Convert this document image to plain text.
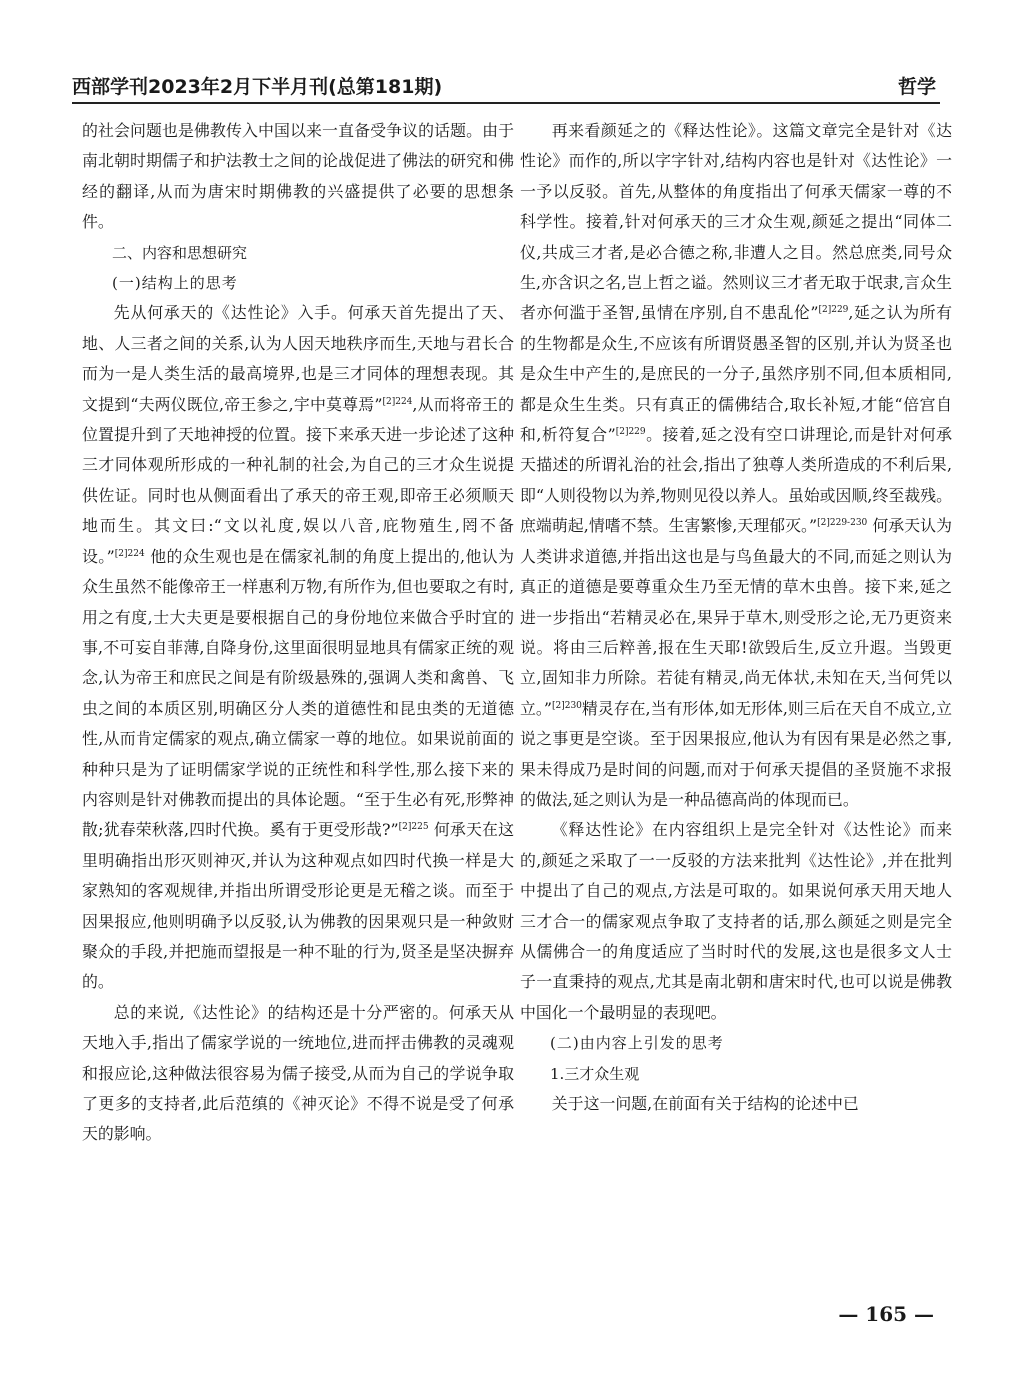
西部学刊2023年2月下半月刊(总第181期)	哲学

的社会问题也是佛教传入中国以来一直备受争议的话题。由于南北朝时期儒子和护法教士之间的论战促进了佛法的研究和佛经的翻译,从而为唐宋时期佛教的兴盛提供了必要的思想条件。

二、内容和思想研究

(一)结构上的思考

先从何承天的《达性论》入手。何承天首先提出了天、地、人三者之间的关系,认为人因天地秩序而生,天地与君长合而为一是人类生活的最高境界,也是三才同体的理想表现。其文提到“夫两仪既位,帝王参之,宇中莫尊焉”$^{[2]224}$,从而将帝王的位置提升到了天地神授的位置。接下来承天进一步论述了这种三才同体观所形成的一种礼制的社会,为自己的三才众生说提供佐证。同时也从侧面看出了承天的帝王观,即帝王必须顺天地而生。其文曰:“文以礼度,娱以八音,庇物殖生,罔不备设。”$^{[2]224}$ 他的众生观也是在儒家礼制的角度上提出的,他认为众生虽然不能像帝王一样惠利万物,有所作为,但也要取之有时,用之有度,士大夫更是要根据自己的身份地位来做合乎时宜的事,不可妄自菲薄,自降身份,这里面很明显地具有儒家正统的观念,认为帝王和庶民之间是有阶级悬殊的,强调人类和禽兽、飞虫之间的本质区别,明确区分人类的道德性和昆虫类的无道德性,从而肯定儒家的观点,确立儒家一尊的地位。如果说前面的种种只是为了证明儒家学说的正统性和科学性,那么接下来的内容则是针对佛教而提出的具体论题。“至于生必有死,形弊神散;犹春荣秋落,四时代换。奚有于更受形哉?”$^{[2]225}$ 何承天在这里明确指出形灭则神灭,并认为这种观点如四时代换一样是大家熟知的客观规律,并指出所谓受形论更是无稽之谈。而至于因果报应,他则明确予以反驳,认为佛教的因果观只是一种敛财聚众的手段,并把施而望报是一种不耻的行为,贤圣是坚决摒弃的。

总的来说,《达性论》的结构还是十分严密的。何承天从天地入手,指出了儒家学说的一统地位,进而抨击佛教的灵魂观和报应论,这种做法很容易为儒子接受,从而为自己的学说争取了更多的支持者,此后范缜的《神灭论》不得不说是受了何承天的影响。

再来看颜延之的《释达性论》。这篇文章完全是针对《达性论》而作的,所以字字针对,结构内容也是针对《达性论》一一予以反驳。首先,从整体的角度指出了何承天儒家一尊的不科学性。接着,针对何承天的三才众生观,颜延之提出“同体二仪,共成三才者,是必合德之称,非遭人之目。然总庶类,同号众生,亦含识之名,岂上哲之谥。然则议三才者无取于氓隶,言众生者亦何滥于圣智,虽情在序别,自不患乱伦”$^{[2]229}$,延之认为所有的生物都是众生,不应该有所谓贤愚圣智的区别,并认为贤圣也是众生中产生的,是庶民的一分子,虽然序别不同,但本质相同,都是众生生类。只有真正的儒佛结合,取长补短,才能“倍宫自和,析符复合”$^{[2]229}$。接着,延之没有空口讲理论,而是针对何承天描述的所谓礼治的社会,指出了独尊人类所造成的不利后果,即“人则役物以为养,物则见役以养人。虽始或因顺,终至裁残。庶端萌起,情嗜不禁。生害繁惨,天理郁灭。”$^{[2]229-230}$ 何承天认为人类讲求道德,并指出这也是与鸟鱼最大的不同,而延之则认为真正的道德是要尊重众生乃至无情的草木虫兽。接下来,延之进一步指出“若精灵必在,果异于草木,则受形之论,无乃更资来说。将由三后粹善,报在生天耶!欲毁后生,反立升遐。当毁更立,固知非力所除。若徒有精灵,尚无体状,未知在天,当何凭以立。”$^{[2]230}$精灵存在,当有形体,如无形体,则三后在天自不成立,立说之事更是空谈。至于因果报应,他认为有因有果是必然之事,果未得成乃是时间的问题,而对于何承天提倡的圣贤施不求报的做法,延之则认为是一种品德高尚的体现而已。

《释达性论》在内容组织上是完全针对《达性论》而来的,颜延之采取了一一反驳的方法来批判《达性论》,并在批判中提出了自己的观点,方法是可取的。如果说何承天用天地人三才合一的儒家观点争取了支持者的话,那么颜延之则是完全从儒佛合一的角度适应了当时时代的发展,这也是很多文人士子一直秉持的观点,尤其是南北朝和唐宋时代,也可以说是佛教中国化一个最明显的表现吧。

(二)由内容上引发的思考

1.三才众生观

关于这一问题,在前面有关于结构的论述中已

— 165 —
